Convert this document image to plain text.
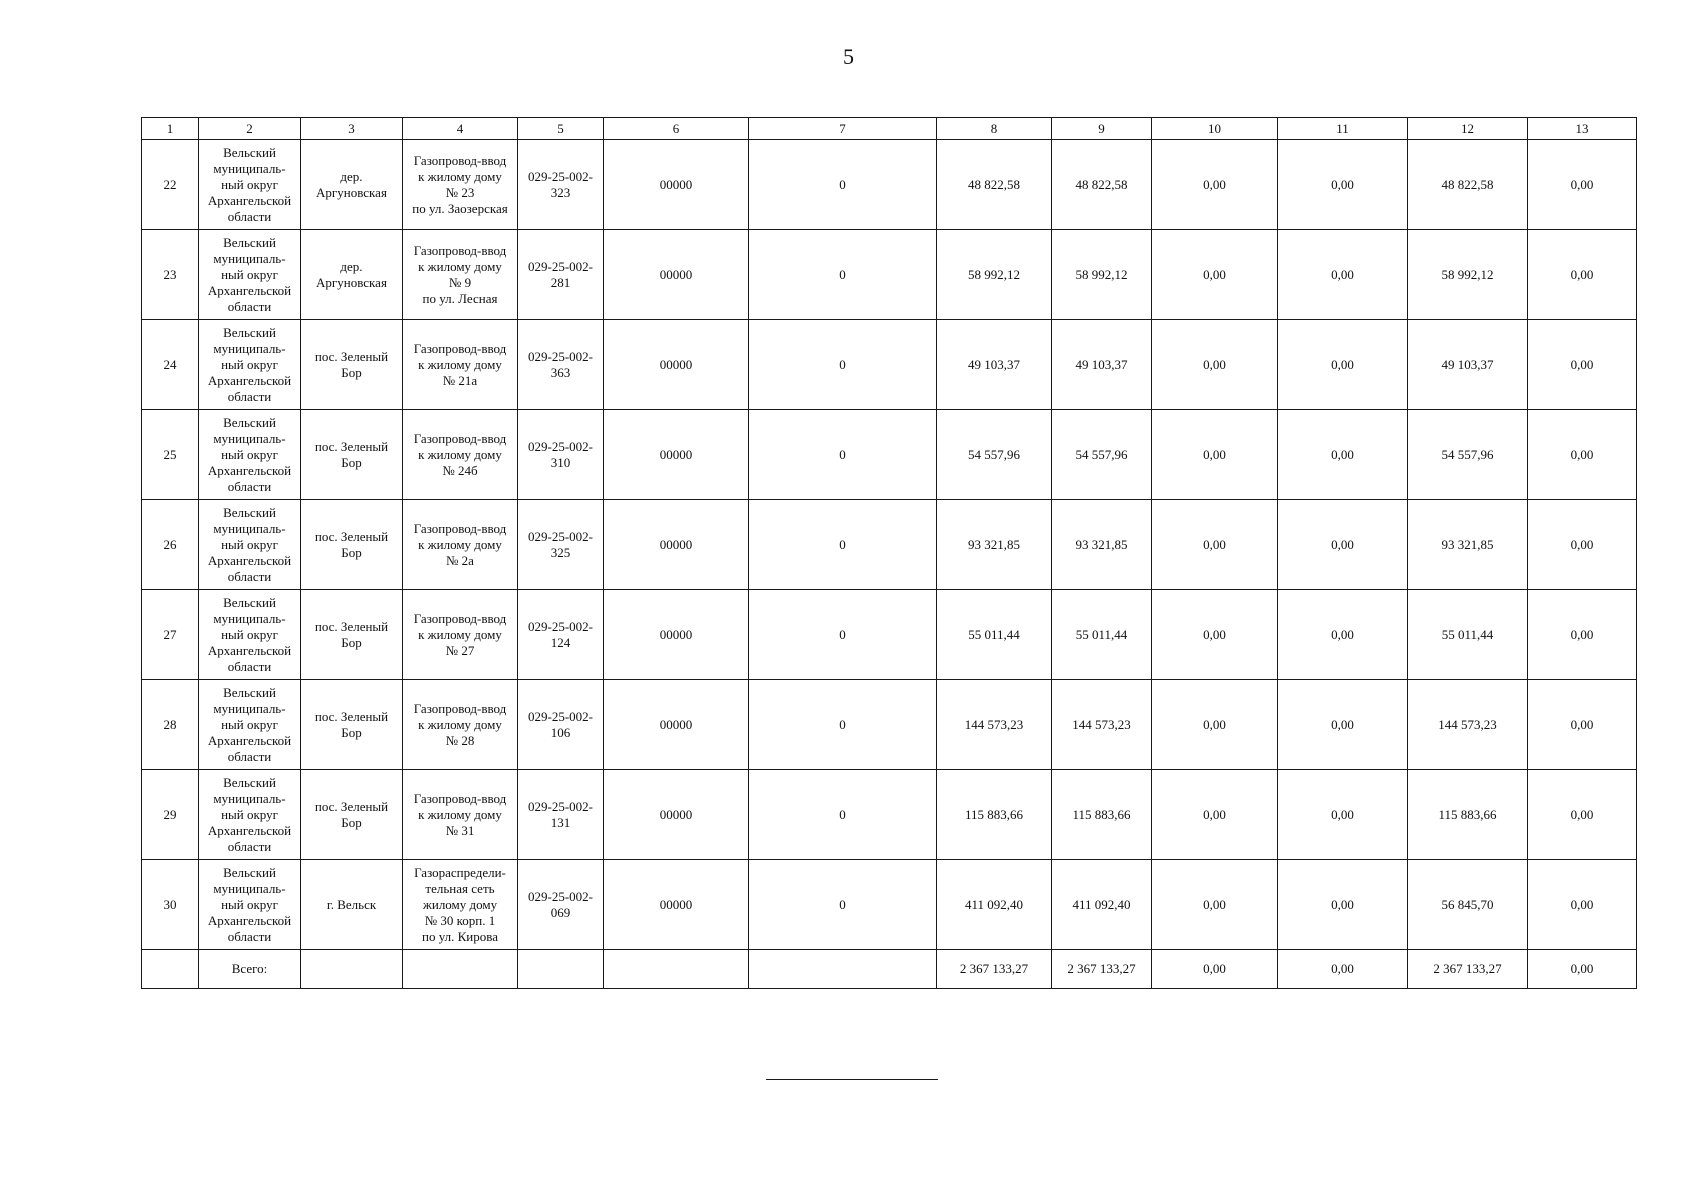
5
1	2	3	4	5	6	7	8	9	10	11	12	13
22	Вельский
муниципаль-
ный округ
Архангельской
области	дер.
Аргуновская	Газопровод-ввод
к жилому дому
№ 23
по ул. Заозерская	029-25-002-
323	00000	0	48 822,58	48 822,58	0,00	0,00	48 822,58	0,00
23	Вельский
муниципаль-
ный округ
Архангельской
области	дер.
Аргуновская	Газопровод-ввод
к жилому дому
№ 9
по ул. Лесная	029-25-002-
281	00000	0	58 992,12	58 992,12	0,00	0,00	58 992,12	0,00
24	Вельский
муниципаль-
ный округ
Архангельской
области	пос. Зеленый
Бор	Газопровод-ввод
к жилому дому
№ 21а	029-25-002-
363	00000	0	49 103,37	49 103,37	0,00	0,00	49 103,37	0,00
25	Вельский
муниципаль-
ный округ
Архангельской
области	пос. Зеленый
Бор	Газопровод-ввод
к жилому дому
№ 24б	029-25-002-
310	00000	0	54 557,96	54 557,96	0,00	0,00	54 557,96	0,00
26	Вельский
муниципаль-
ный округ
Архангельской
области	пос. Зеленый
Бор	Газопровод-ввод
к жилому дому
№ 2а	029-25-002-
325	00000	0	93 321,85	93 321,85	0,00	0,00	93 321,85	0,00
27	Вельский
муниципаль-
ный округ
Архангельской
области	пос. Зеленый
Бор	Газопровод-ввод
к жилому дому
№ 27	029-25-002-
124	00000	0	55 011,44	55 011,44	0,00	0,00	55 011,44	0,00
28	Вельский
муниципаль-
ный округ
Архангельской
области	пос. Зеленый
Бор	Газопровод-ввод
к жилому дому
№ 28	029-25-002-
106	00000	0	144 573,23	144 573,23	0,00	0,00	144 573,23	0,00
29	Вельский
муниципаль-
ный округ
Архангельской
области	пос. Зеленый
Бор	Газопровод-ввод
к жилому дому
№ 31	029-25-002-
131	00000	0	115 883,66	115 883,66	0,00	0,00	115 883,66	0,00
30	Вельский
муниципаль-
ный округ
Архангельской
области	г. Вельск	Газораспредели-
тельная сеть
жилому дому
№ 30 корп. 1
по ул. Кирова	029-25-002-
069	00000	0	411 092,40	411 092,40	0,00	0,00	56 845,70	0,00
	Всего:						2 367 133,27	2 367 133,27	0,00	0,00	2 367 133,27	0,00
